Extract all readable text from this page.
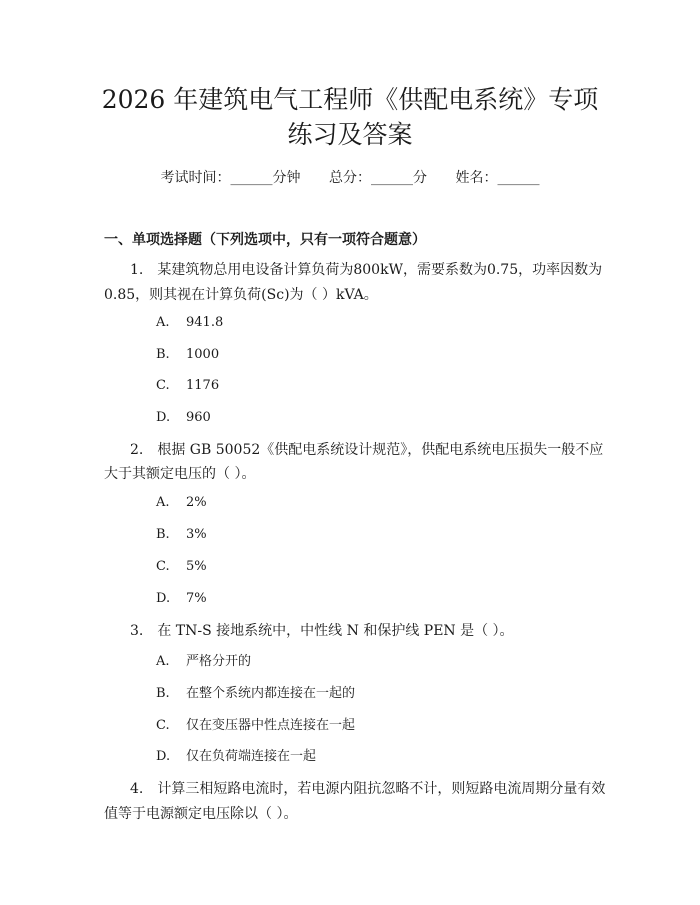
2026 年建筑电气工程师《供配电系统》专项
练习及答案
考试时间：______分钟 总分：______分 姓名：______
一、单项选择题（下列选项中，只有一项符合题意）
1. 某建筑物总用电设备计算负荷为800kW，需要系数为0.75，功率因数为
0.85，则其视在计算负荷(Sc)为（ ）kVA。
A. 941.8
B. 1000
C. 1176
D. 960
2. 根据 GB 50052《供配电系统设计规范》，供配电系统电压损失一般不应
大于其额定电压的（ ）。
A. 2%
B. 3%
C. 5%
D. 7%
3. 在 TN-S 接地系统中，中性线 N 和保护线 PEN 是（ ）。
A. 严格分开的
B. 在整个系统内都连接在一起的
C. 仅在变压器中性点连接在一起
D. 仅在负荷端连接在一起
4. 计算三相短路电流时，若电源内阻抗忽略不计，则短路电流周期分量有效
值等于电源额定电压除以（ ）。
